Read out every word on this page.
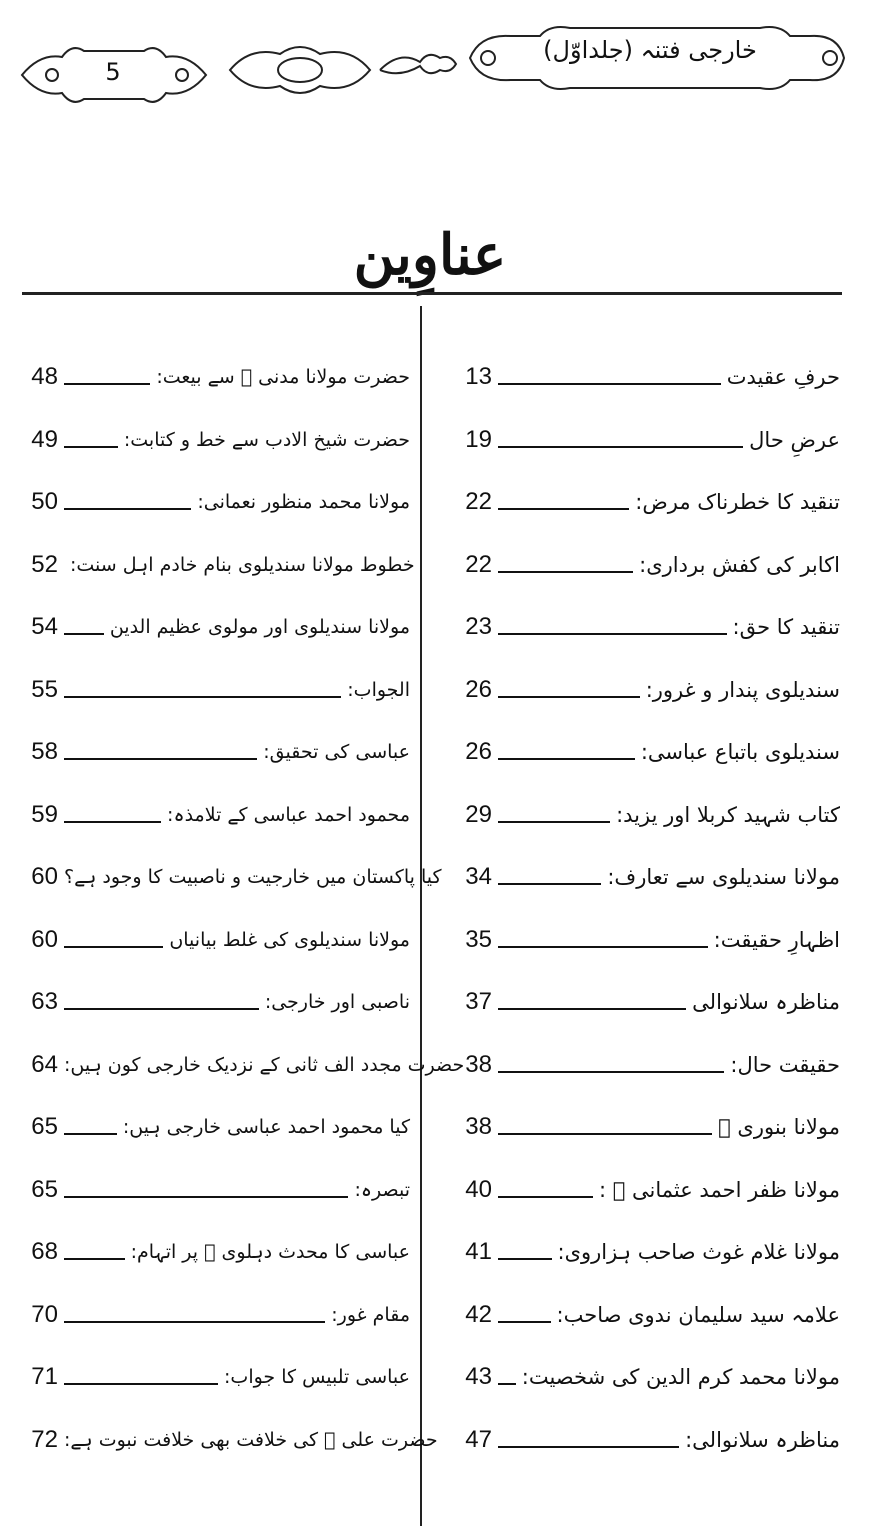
5
خارجی فتنہ (جلداوّل)
عناوِین
13	حرفِ عقیدت
19	عرضِ حال
22	تنقید کا خطرناک مرض:
22	اکابر کی کفش برداری:
23	تنقید کا حق:
26	سندیلوی پندار و غرور:
26	سندیلوی باتباع عباسی:
29	کتاب شہید کربلا اور یزید:
34	مولانا سندیلوی سے تعارف:
35	اظہارِ حقیقت:
37	مناظرہ سلانوالی
38	حقیقت حال:
38	مولانا بنوری ﷫
40	مولانا ظفر احمد عثمانی ﷫ :
41	مولانا غلام غوث صاحب ہزاروی:
42	علامہ سید سلیمان ندوی صاحب:
43 مولانا محمد کرم الدین کی شخصیت:
47	مناظرہ سلانوالی:
48	حضرت مولانا مدنی ﷫ سے بیعت:
49	حضرت شیخ الادب سے خط و کتابت:
50	مولانا محمد منظور نعمانی:
52 خطوط مولانا سندیلوی بنام خادم اہل سنت:
54	مولانا سندیلوی اور مولوی عظیم الدین
55	الجواب:
58	عباسی کی تحقیق:
59	محمود احمد عباسی کے تلامذہ:
60 کیا پاکستان میں خارجیت و ناصبیت کا وجود ہے؟
60	مولانا سندیلوی کی غلط بیانیاں
63	ناصبی اور خارجی:
64 حضرت مجدد الف ثانی کے نزدیک خارجی کون ہیں:
65	کیا محمود احمد عباسی خارجی ہیں:
65	تبصرہ:
68	عباسی کا محدث دہلوی ﷫ پر اتہام:
70	مقام غور:
71	عباسی تلبیس کا جواب:
72 حضرت علی ﷜ کی خلافت بھی خلافت نبوت ہے:
